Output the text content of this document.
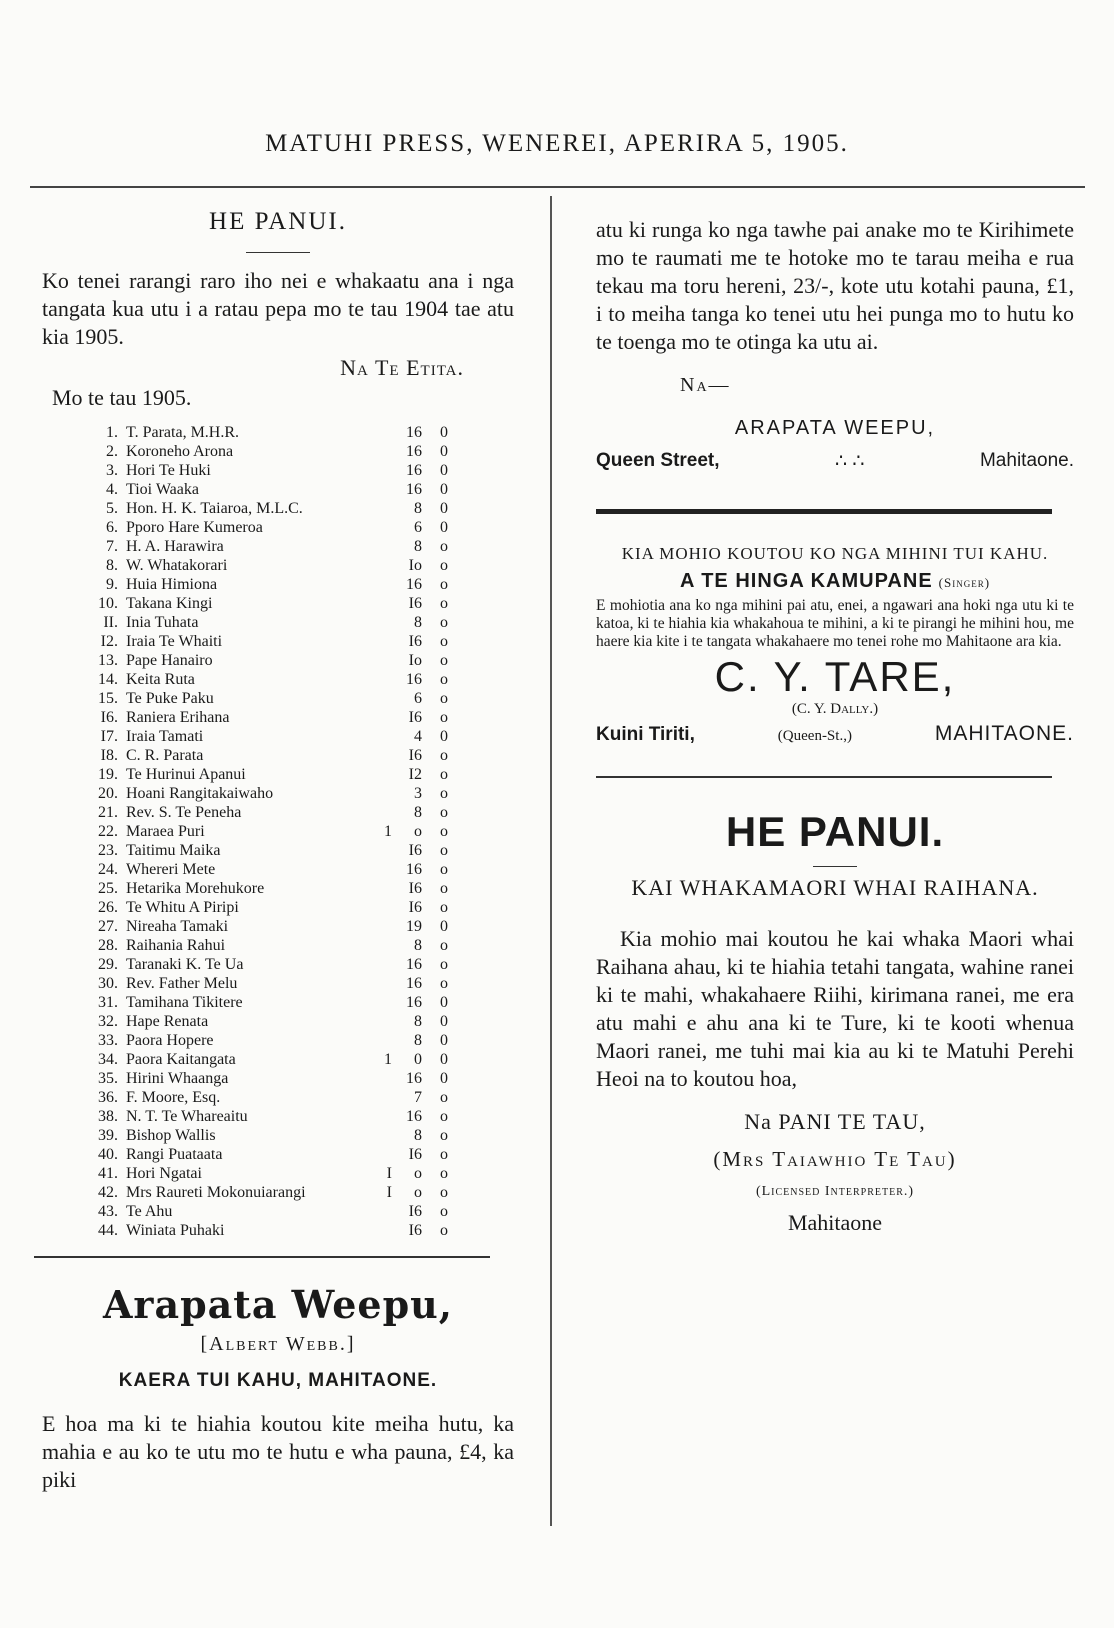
MATUHI PRESS, WENEREI, APERIRA 5, 1905.
HE PANUI.
Ko tenei rarangi raro iho nei e whakaatu ana i nga tangata kua utu i a ratau pepa mo te tau 1904 tae atu kia 1905.
Na Te Etita.
Mo te tau 1905.
1. T. Parata, M.H.R.	16	0
2. Koroneho Arona	16	0
3. Hori Te Huki	16	0
4. Tioi Waaka	16	0
5. Hon. H. K. Taiaroa, M.L.C.	8	0
6. Pporo Hare Kumeroa	6	0
7. H. A. Harawira	8	o
8. W. Whatakorari	Io	o
9. Huia Himiona	16	o
10. Takana Kingi	I6	o
II. Inia Tuhata	8	o
I2. Iraia Te Whaiti	I6	o
13. Pape Hanairo	Io	o
14. Keita Ruta	16	o
15. Te Puke Paku	6	o
I6. Raniera Erihana	I6	o
I7. Iraia Tamati	4	0
I8. C. R. Parata	I6	o
19. Te Hurinui Apanui	I2	o
20. Hoani Rangitakaiwaho	3	o
21. Rev. S. Te Peneha	8	o
22. Maraea Puri	1	o	o
23. Taitimu Maika	I6	o
24. Whereri Mete	16	o
25. Hetarika Morehukore	I6	o
26. Te Whitu A Piripi	I6	o
27. Nireaha Tamaki	19	0
28. Raihania Rahui	8	o
29. Taranaki K. Te Ua	16	o
30. Rev. Father Melu	16	o
31. Tamihana Tikitere	16	0
32. Hape Renata	8	0
33. Paora Hopere	8	0
34. Paora Kaitangata	1	0	0
35. Hirini Whaanga	16	0
36. F. Moore, Esq.	7	o
38. N. T. Te Whareaitu	16	o
39. Bishop Wallis	8	o
40. Rangi Puataata	I6	o
41. Hori Ngatai	I	o	o
42. Mrs Raureti Mokonuiarangi	I	o	o
43. Te Ahu	I6	o
44. Winiata Puhaki	I6	o
Arapata Weepu,
[Albert Webb.]
KAERA TUI KAHU, MAHITAONE.
E hoa ma ki te hiahia koutou kite meiha hutu, ka mahia e au ko te utu mo te hutu e wha pauna, £4, ka piki
atu ki runga ko nga tawhe pai anake mo te Kirihimete mo te raumati me te hotoke mo te tarau meiha e rua tekau ma toru hereni, 23/-, kote utu kotahi pauna, £1, i to meiha tanga ko tenei utu hei punga mo to hutu ko te toenga mo te otinga ka utu ai.
Na—
ARAPATA WEEPU,
Queen Street,	∴ ∴	Mahitaone.
KIA MOHIO KOUTOU KO NGA MIHINI TUI KAHU.
A TE HINGA KAMUPANE (Singer)
E mohiotia ana ko nga mihini pai atu, enei, a ngawari ana hoki nga utu ki te katoa, ki te hiahia kia whakahoua te mihini, a ki te pirangi he mihini hou, me haere kia kite i te tangata whakahaere mo tenei rohe mo Mahitaone ara kia.
C. Y. TARE,
(C. Y. Dally.)
Kuini Tiriti,	(Queen-St.,)	MAHITAONE.
HE PANUI.
KAI WHAKAMAORI WHAI RAIHANA.
Kia mohio mai koutou he kai whaka Maori whai Raihana ahau, ki te hiahia tetahi tangata, wahine ranei ki te mahi, whakahaere Riihi, kirimana ranei, me era atu mahi e ahu ana ki te Ture, ki te kooti whenua Maori ranei, me tuhi mai kia au ki te Matuhi Perehi Heoi na to koutou hoa,
Na PANI TE TAU,
(Mrs Taiawhio Te Tau)
(Licensed Interpreter.)
Mahitaone
